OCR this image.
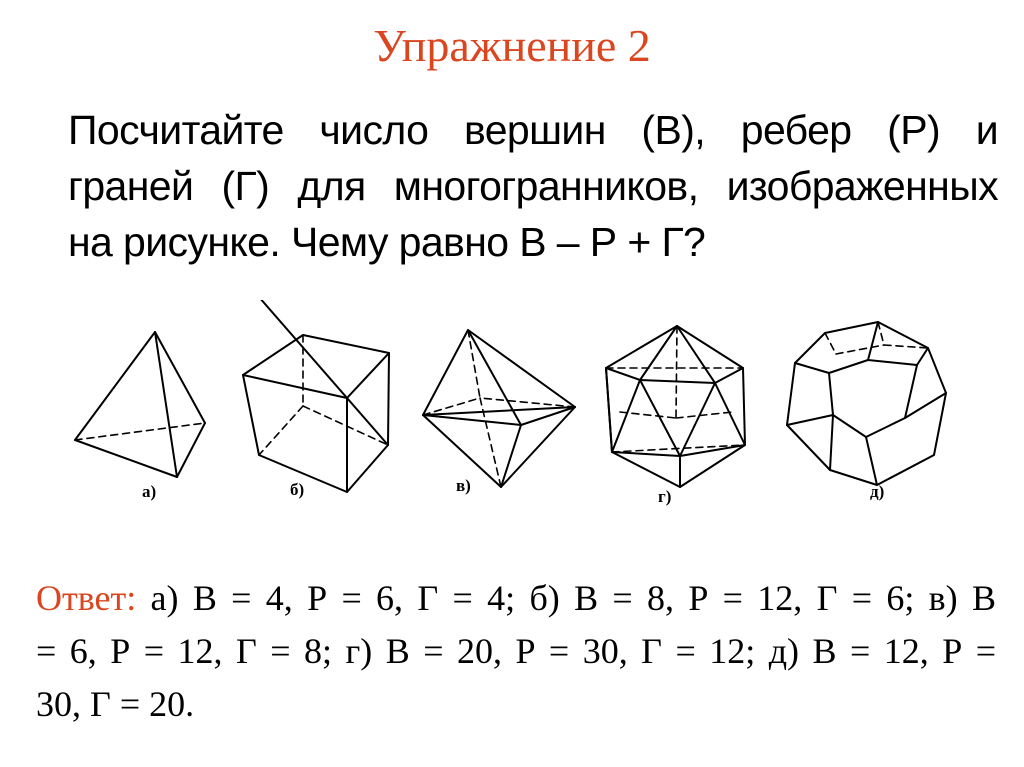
Упражнение 2
Посчитайте число вершин (В), ребер (Р) и
граней (Г) для многогранников, изображенных
на рисунке. Чему равно В – Р + Г?
а)	б)	в)
г)	д)
Ответ: а) В = 4, Р = 6, Г = 4; б) В = 8, Р = 12, Г = 6; в) В
= 6, Р = 12, Г = 8; г) В = 20, Р = 30, Г = 12; д) В = 12, Р =
30, Г = 20.
